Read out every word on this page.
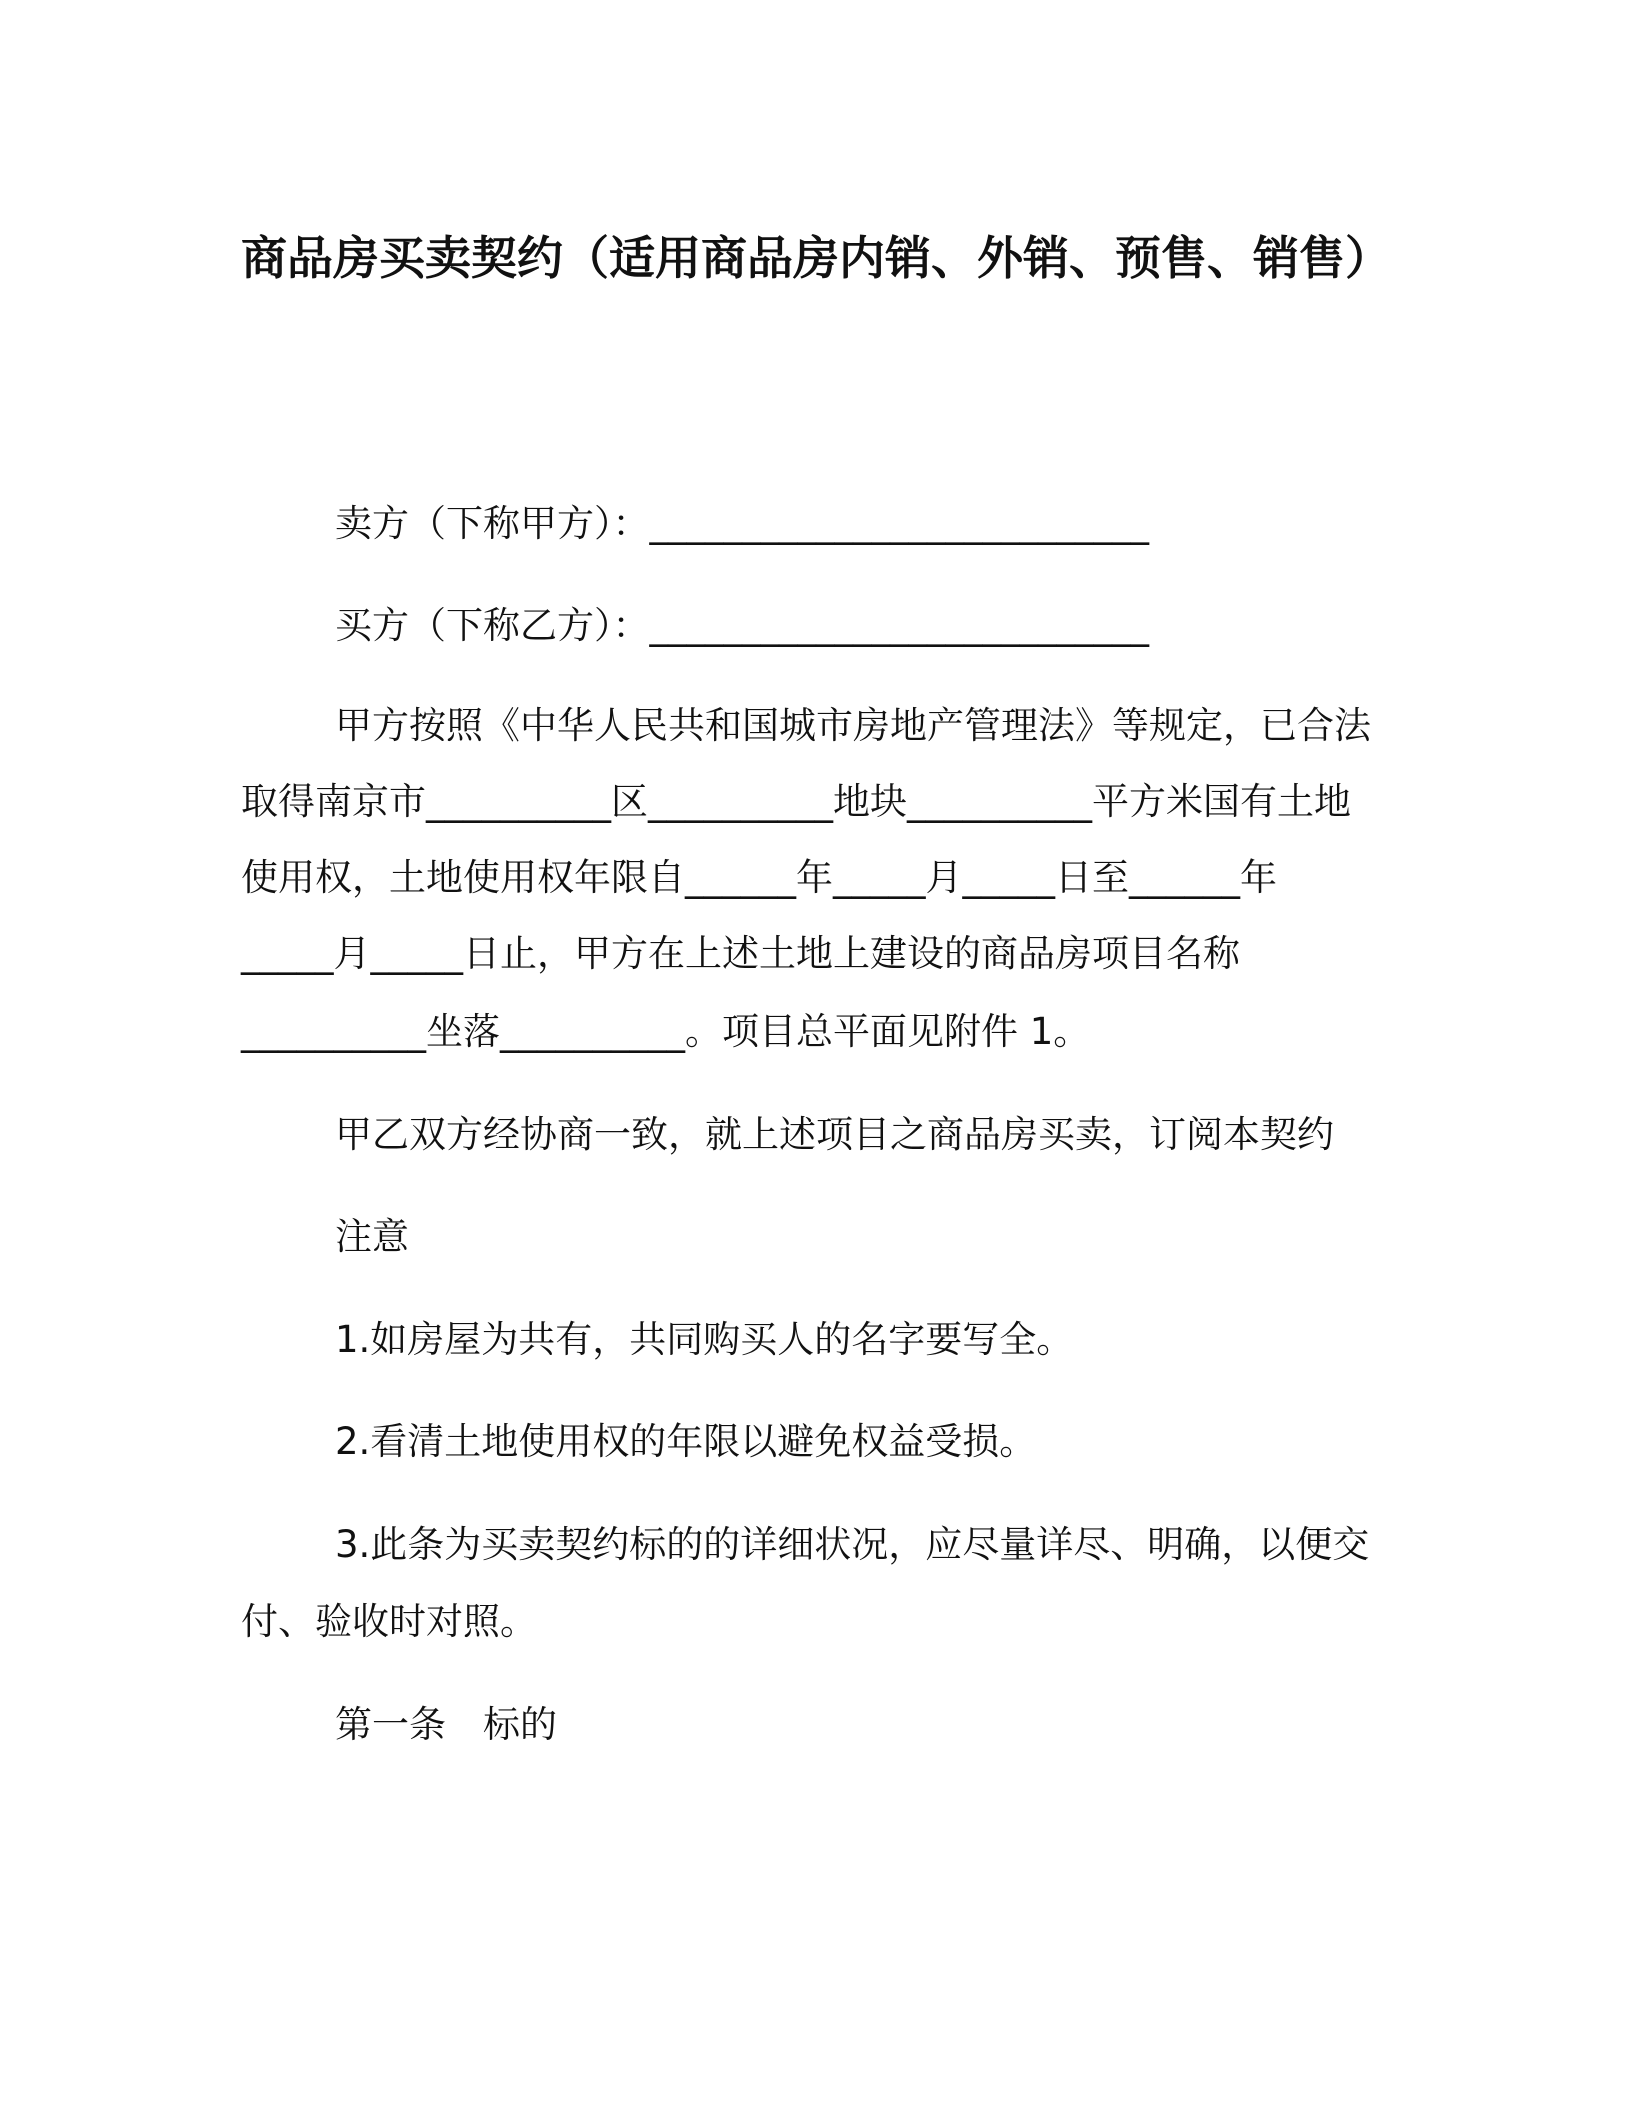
商品房买卖契约（适用商品房内销、外销、预售、销售）
卖方（下称甲方）：___________________________
买方（下称乙方）：___________________________
甲方按照《中华人民共和国城市房地产管理法》等规定，已合法
取得南京市__________区__________地块__________平方米国有土地
使用权，土地使用权年限自______年_____月_____日至______年
_____月_____日止，甲方在上述土地上建设的商品房项目名称
__________坐落__________。项目总平面见附件 1。
甲乙双方经协商一致，就上述项目之商品房买卖，订阅本契约
注意
1.如房屋为共有，共同购买人的名字要写全。
2.看清土地使用权的年限以避免权益受损。
3.此条为买卖契约标的的详细状况，应尽量详尽、明确，以便交
付、验收时对照。
第一条　标的
